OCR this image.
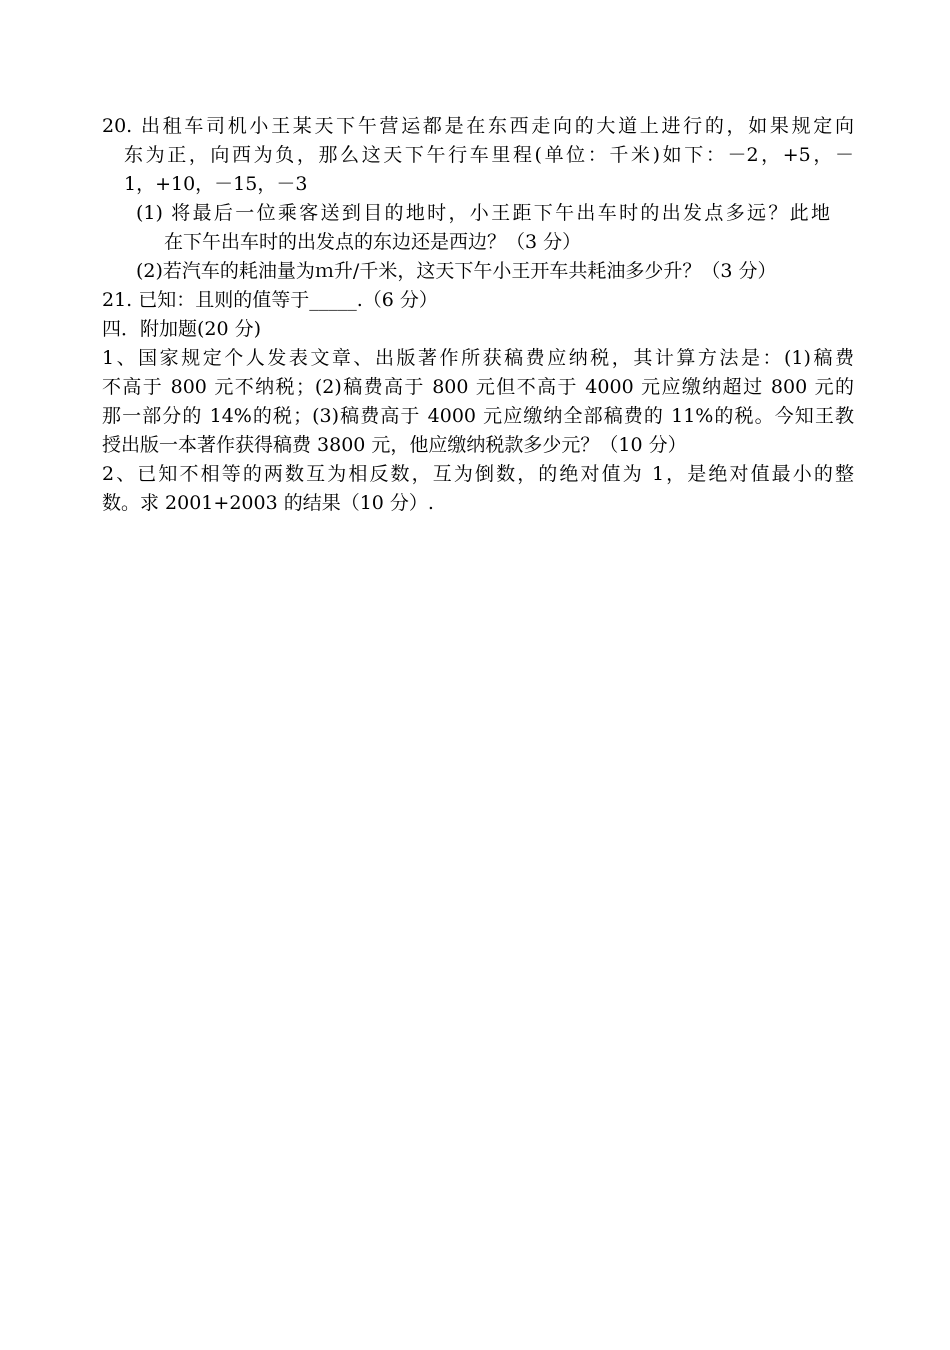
20. 出租车司机小王某天下午营运都是在东西走向的大道上进行的，如果规定向
东为正，向西为负，那么这天下午行车里程(单位：千米)如下：－2，+5，－
1，+10，－15，－3
(1) 将最后一位乘客送到目的地时，小王距下午出车时的出发点多远？此地
在下午出车时的出发点的东边还是西边？（3 分）
(2)若汽车的耗油量为ｍ升/千米，这天下午小王开车共耗油多少升？（3 分）
21. 已知：且则的值等于_____.（6 分）
四．附加题(20 分)
1、国家规定个人发表文章、出版著作所获稿费应纳税，其计算方法是：(1)稿费
不高于 800 元不纳税；(2)稿费高于 800 元但不高于 4000 元应缴纳超过 800 元的
那一部分的 14%的税；(3)稿费高于 4000 元应缴纳全部稿费的 11%的税。今知王教
授出版一本著作获得稿费 3800 元，他应缴纳税款多少元？（10 分）
2、已知不相等的两数互为相反数，互为倒数，的绝对值为 1，是绝对值最小的整
数。求 2001+2003 的结果（10 分）.
